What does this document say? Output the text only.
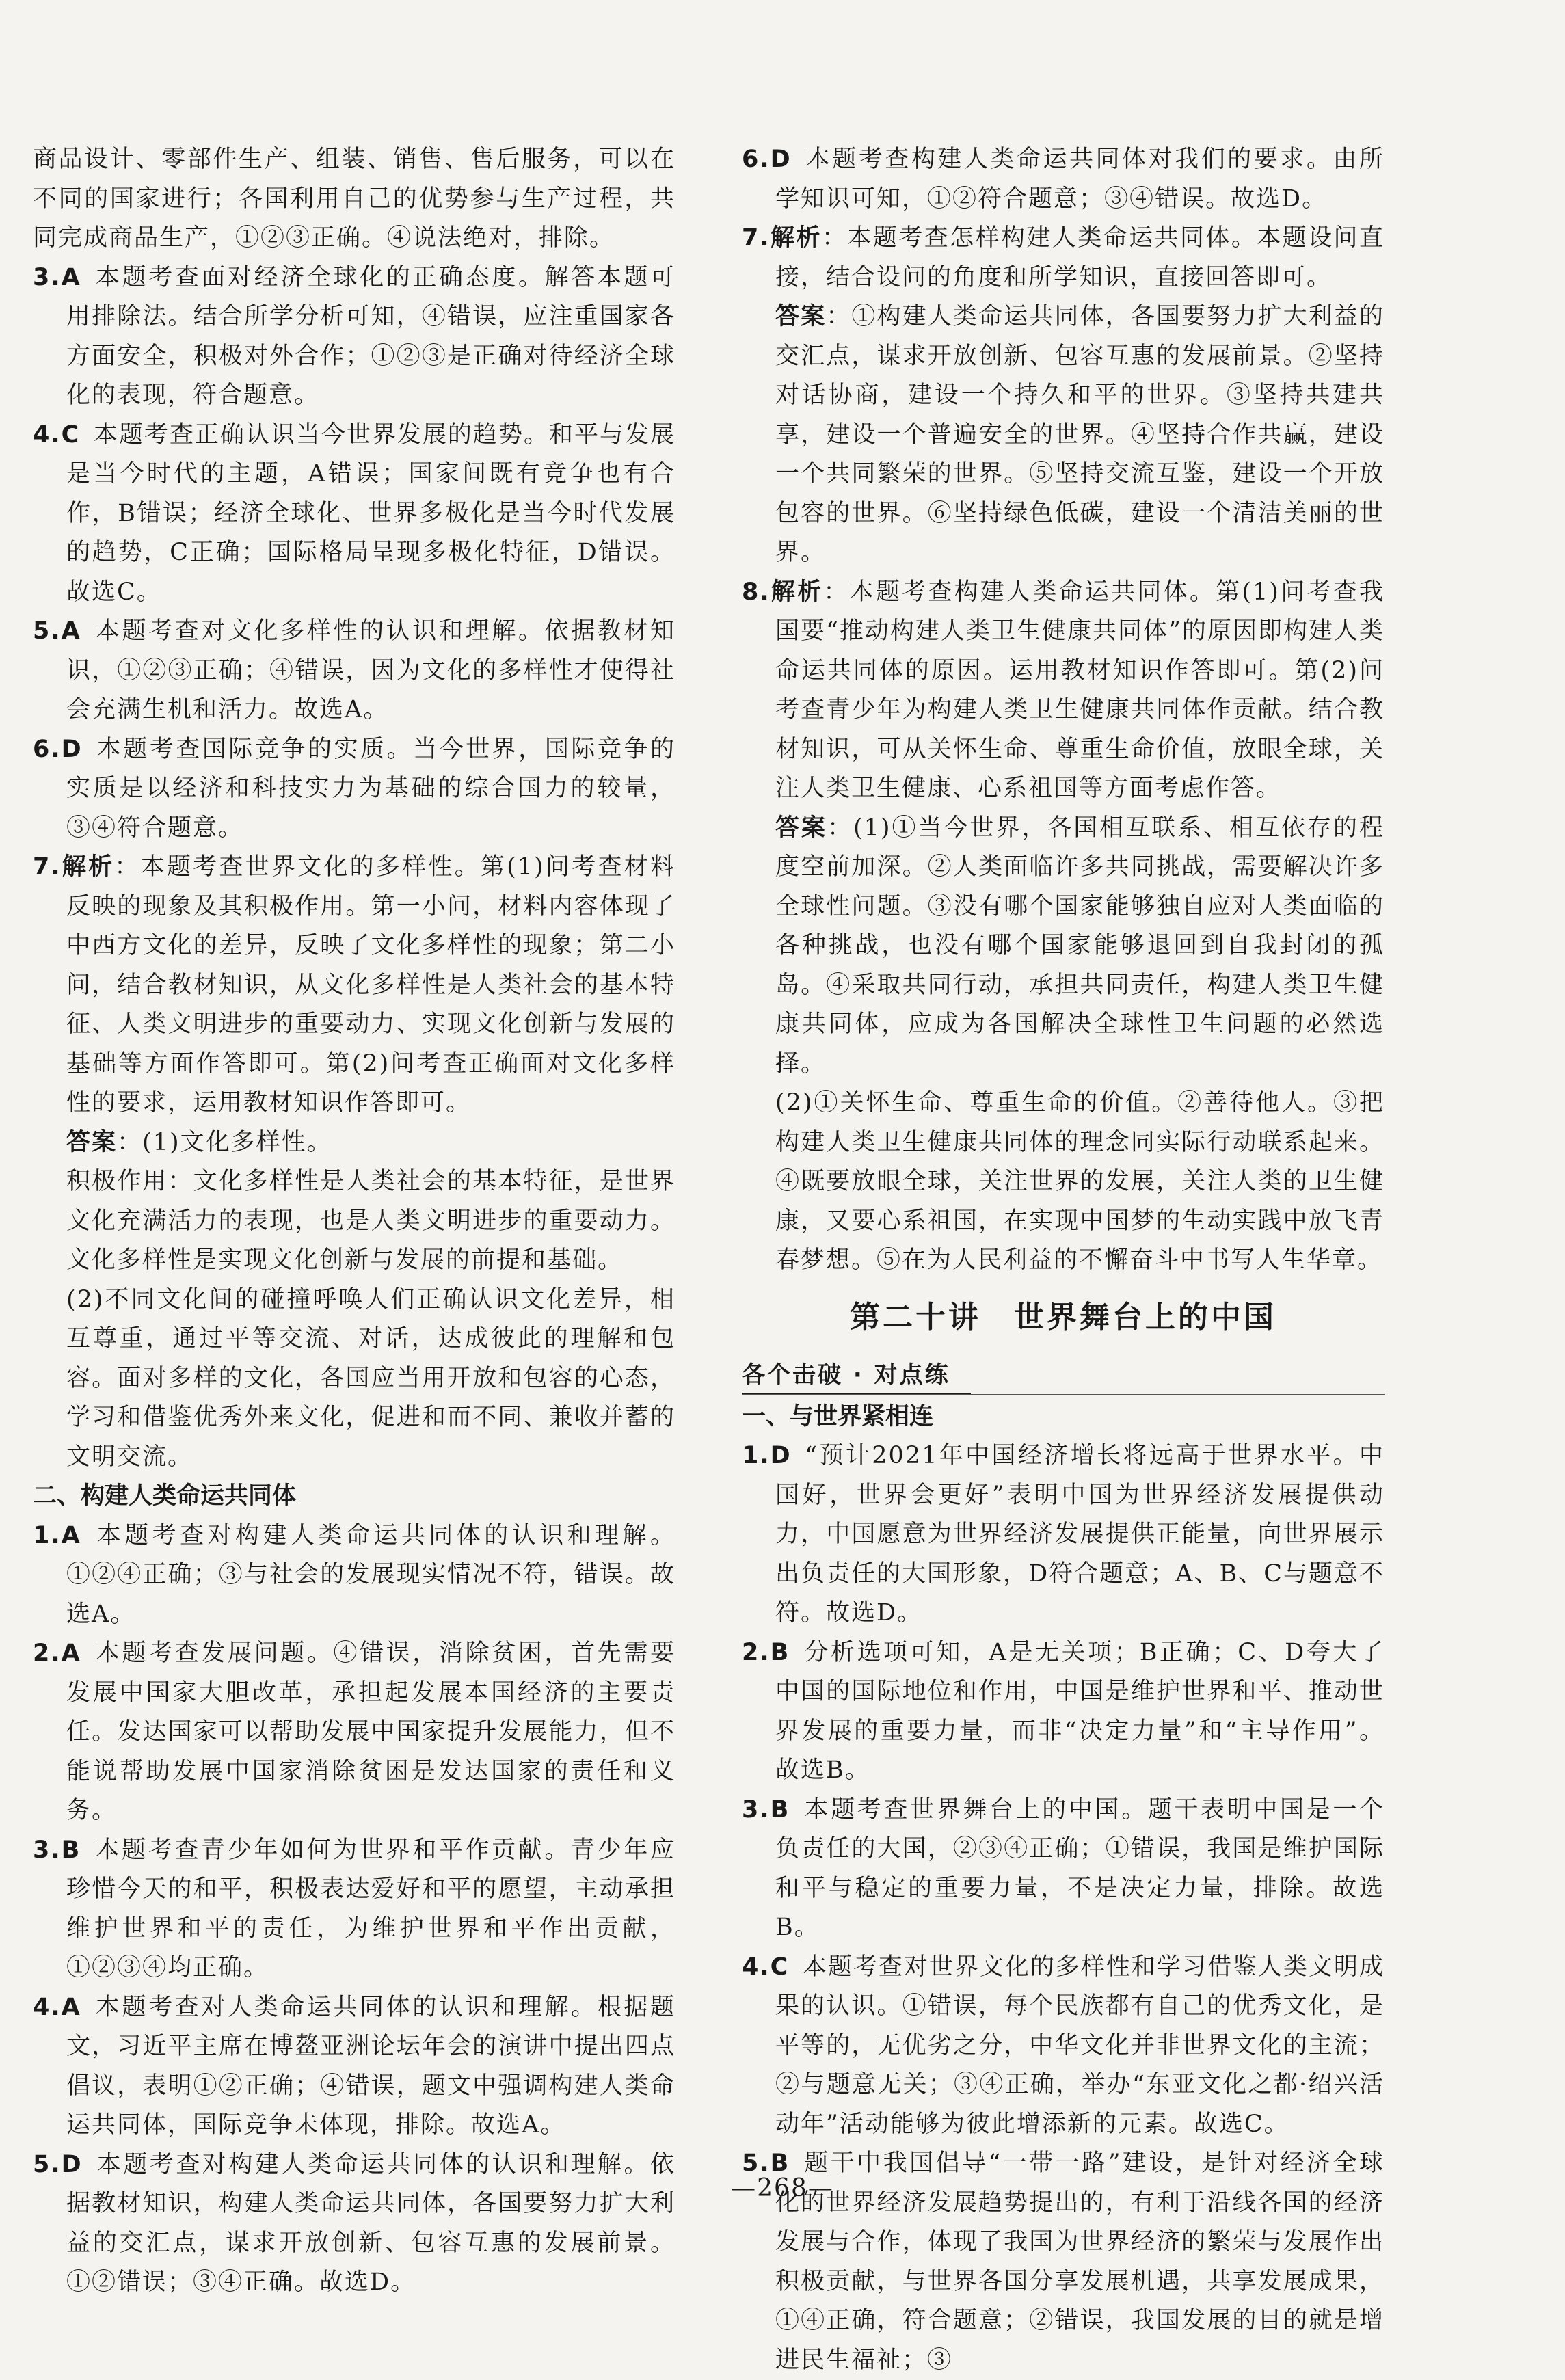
商品设计、零部件生产、组装、销售、售后服务，可以在不同的国家进行；各国利用自己的优势参与生产过程，共同完成商品生产，①②③正确。④说法绝对，排除。

3.A  本题考查面对经济全球化的正确态度。解答本题可用排除法。结合所学分析可知，④错误，应注重国家各方面安全，积极对外合作；①②③是正确对待经济全球化的表现，符合题意。

4.C  本题考查正确认识当今世界发展的趋势。和平与发展是当今时代的主题，A错误；国家间既有竞争也有合作，B错误；经济全球化、世界多极化是当今时代发展的趋势，C正确；国际格局呈现多极化特征，D错误。故选C。

5.A  本题考查对文化多样性的认识和理解。依据教材知识，①②③正确；④错误，因为文化的多样性才使得社会充满生机和活力。故选A。

6.D  本题考查国际竞争的实质。当今世界，国际竞争的实质是以经济和科技实力为基础的综合国力的较量，③④符合题意。

7.解析：本题考查世界文化的多样性。第(1)问考查材料反映的现象及其积极作用。第一小问，材料内容体现了中西方文化的差异，反映了文化多样性的现象；第二小问，结合教材知识，从文化多样性是人类社会的基本特征、人类文明进步的重要动力、实现文化创新与发展的基础等方面作答即可。第(2)问考查正确面对文化多样性的要求，运用教材知识作答即可。

答案：(1)文化多样性。

积极作用：文化多样性是人类社会的基本特征，是世界文化充满活力的表现，也是人类文明进步的重要动力。文化多样性是实现文化创新与发展的前提和基础。

(2)不同文化间的碰撞呼唤人们正确认识文化差异，相互尊重，通过平等交流、对话，达成彼此的理解和包容。面对多样的文化，各国应当用开放和包容的心态，学习和借鉴优秀外来文化，促进和而不同、兼收并蓄的文明交流。

二、构建人类命运共同体

1.A  本题考查对构建人类命运共同体的认识和理解。①②④正确；③与社会的发展现实情况不符，错误。故选A。

2.A  本题考查发展问题。④错误，消除贫困，首先需要发展中国家大胆改革，承担起发展本国经济的主要责任。发达国家可以帮助发展中国家提升发展能力，但不能说帮助发展中国家消除贫困是发达国家的责任和义务。

3.B  本题考查青少年如何为世界和平作贡献。青少年应珍惜今天的和平，积极表达爱好和平的愿望，主动承担维护世界和平的责任，为维护世界和平作出贡献，①②③④均正确。

4.A  本题考查对人类命运共同体的认识和理解。根据题文，习近平主席在博鳌亚洲论坛年会的演讲中提出四点倡议，表明①②正确；④错误，题文中强调构建人类命运共同体，国际竞争未体现，排除。故选A。

5.D  本题考查对构建人类命运共同体的认识和理解。依据教材知识，构建人类命运共同体，各国要努力扩大利益的交汇点，谋求开放创新、包容互惠的发展前景。①②错误；③④正确。故选D。

6.D  本题考查构建人类命运共同体对我们的要求。由所学知识可知，①②符合题意；③④错误。故选D。

7.解析：本题考查怎样构建人类命运共同体。本题设问直接，结合设问的角度和所学知识，直接回答即可。

答案：①构建人类命运共同体，各国要努力扩大利益的交汇点，谋求开放创新、包容互惠的发展前景。②坚持对话协商，建设一个持久和平的世界。③坚持共建共享，建设一个普遍安全的世界。④坚持合作共赢，建设一个共同繁荣的世界。⑤坚持交流互鉴，建设一个开放包容的世界。⑥坚持绿色低碳，建设一个清洁美丽的世界。

8.解析：本题考查构建人类命运共同体。第(1)问考查我国要“推动构建人类卫生健康共同体”的原因即构建人类命运共同体的原因。运用教材知识作答即可。第(2)问考查青少年为构建人类卫生健康共同体作贡献。结合教材知识，可从关怀生命、尊重生命价值，放眼全球，关注人类卫生健康、心系祖国等方面考虑作答。

答案：(1)①当今世界，各国相互联系、相互依存的程度空前加深。②人类面临许多共同挑战，需要解决许多全球性问题。③没有哪个国家能够独自应对人类面临的各种挑战，也没有哪个国家能够退回到自我封闭的孤岛。④采取共同行动，承担共同责任，构建人类卫生健康共同体，应成为各国解决全球性卫生问题的必然选择。

(2)①关怀生命、尊重生命的价值。②善待他人。③把构建人类卫生健康共同体的理念同实际行动联系起来。④既要放眼全球，关注世界的发展，关注人类的卫生健康，又要心系祖国，在实现中国梦的生动实践中放飞青春梦想。⑤在为人民利益的不懈奋斗中书写人生华章。

第二十讲　世界舞台上的中国
各个击破 · 对点练
一、与世界紧相连

1.D  “预计2021年中国经济增长将远高于世界水平。中国好，世界会更好”表明中国为世界经济发展提供动力，中国愿意为世界经济发展提供正能量，向世界展示出负责任的大国形象，D符合题意；A、B、C与题意不符。故选D。

2.B  分析选项可知，A是无关项；B正确；C、D夸大了中国的国际地位和作用，中国是维护世界和平、推动世界发展的重要力量，而非“决定力量”和“主导作用”。故选B。

3.B  本题考查世界舞台上的中国。题干表明中国是一个负责任的大国，②③④正确；①错误，我国是维护国际和平与稳定的重要力量，不是决定力量，排除。故选B。

4.C  本题考查对世界文化的多样性和学习借鉴人类文明成果的认识。①错误，每个民族都有自己的优秀文化，是平等的，无优劣之分，中华文化并非世界文化的主流；②与题意无关；③④正确，举办“东亚文化之都·绍兴活动年”活动能够为彼此增添新的元素。故选C。

5.B  题干中我国倡导“一带一路”建设，是针对经济全球化的世界经济发展趋势提出的，有利于沿线各国的经济发展与合作，体现了我国为世界经济的繁荣与发展作出积极贡献，与世界各国分享发展机遇，共享发展成果，①④正确，符合题意；②错误，我国发展的目的就是增进民生福祉；③

—268—
